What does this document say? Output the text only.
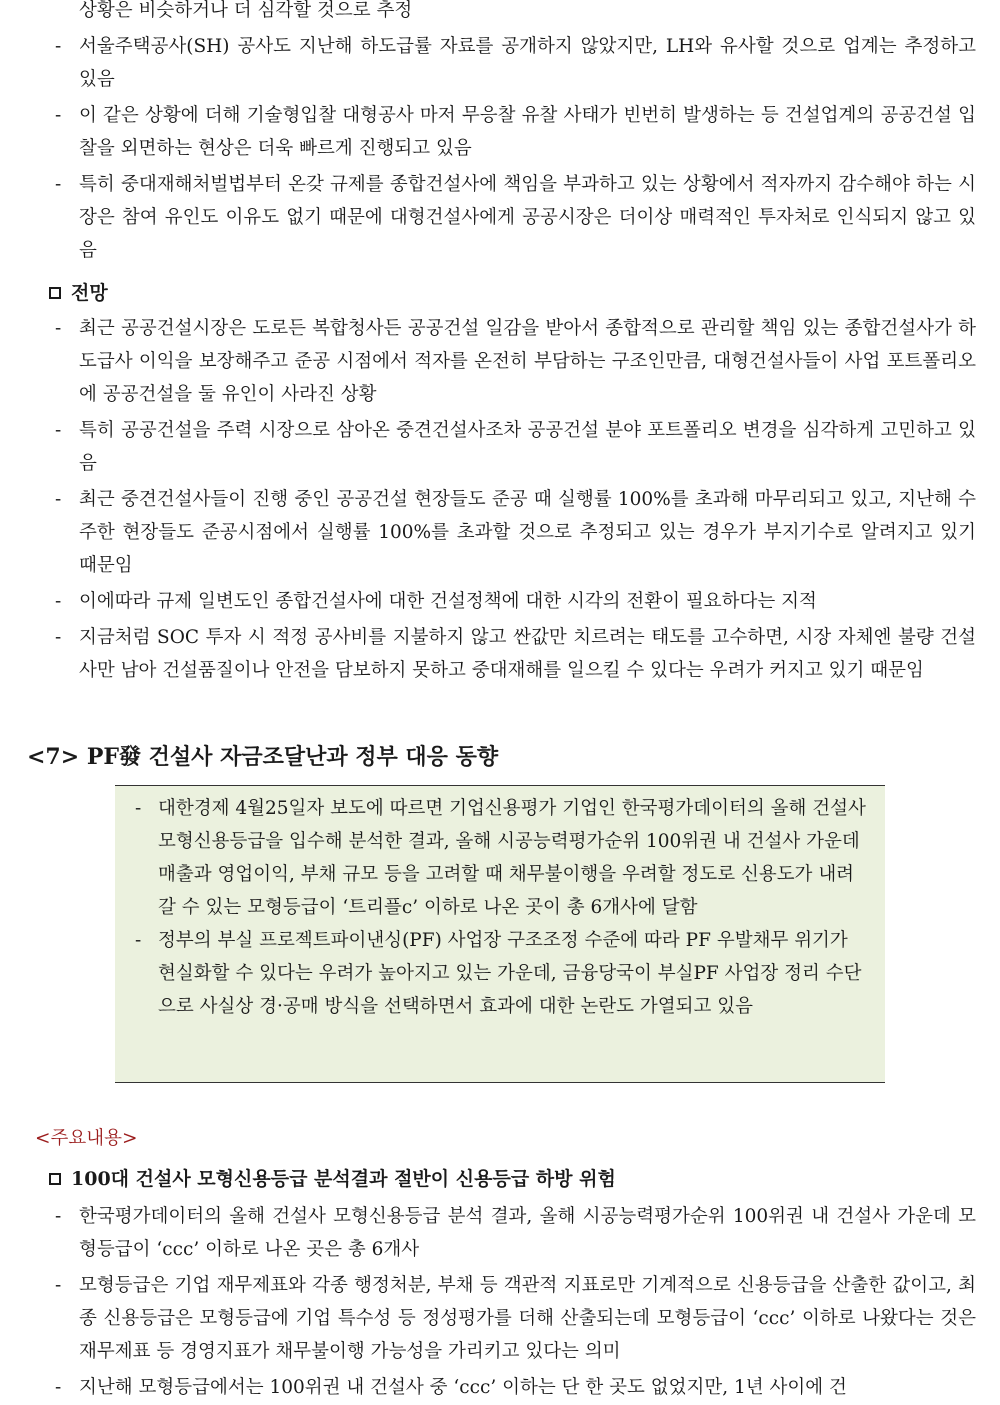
상황은 비슷하거나 더 심각할 것으로 추정
- 서울주택공사(SH) 공사도 지난해 하도급률 자료를 공개하지 않았지만, LH와 유사할 것으로 업계는 추정하고 있음
- 이 같은 상황에 더해 기술형입찰 대형공사 마저 무응찰 유찰 사태가 빈번히 발생하는 등 건설업계의 공공건설 입찰을 외면하는 현상은 더욱 빠르게 진행되고 있음
- 특히 중대재해처벌법부터 온갖 규제를 종합건설사에 책임을 부과하고 있는 상황에서 적자까지 감수해야 하는 시장은 참여 유인도 이유도 없기 때문에 대형건설사에게 공공시장은 더이상 매력적인 투자처로 인식되지 않고 있음
전망
- 최근 공공건설시장은 도로든 복합청사든 공공건설 일감을 받아서 종합적으로 관리할 책임 있는 종합건설사가 하도급사 이익을 보장해주고 준공 시점에서 적자를 온전히 부담하는 구조인만큼, 대형건설사들이 사업 포트폴리오에 공공건설을 둘 유인이 사라진 상황
- 특히 공공건설을 주력 시장으로 삼아온 중견건설사조차 공공건설 분야 포트폴리오 변경을 심각하게 고민하고 있음
- 최근 중견건설사들이 진행 중인 공공건설 현장들도 준공 때 실행률 100%를 초과해 마무리되고 있고, 지난해 수주한 현장들도 준공시점에서 실행률 100%를 초과할 것으로 추정되고 있는 경우가 부지기수로 알려지고 있기 때문임
- 이에따라 규제 일변도인 종합건설사에 대한 건설정책에 대한 시각의 전환이 필요하다는 지적
- 지금처럼 SOC 투자 시 적정 공사비를 지불하지 않고 싼값만 치르려는 태도를 고수하면, 시장 자체엔 불량 건설사만 남아 건설품질이나 안전을 담보하지 못하고 중대재해를 일으킬 수 있다는 우려가 커지고 있기 때문임
<7> PF發 건설사 자금조달난과 정부 대응 동향
- 대한경제 4월25일자 보도에 따르면 기업신용평가 기업인 한국평가데이터의 올해 건설사 모형신용등급을 입수해 분석한 결과, 올해 시공능력평가순위 100위권 내 건설사 가운데 매출과 영업이익, 부채 규모 등을 고려할 때 채무불이행을 우려할 정도로 신용도가 내려갈 수 있는 모형등급이 ‘트리플c’ 이하로 나온 곳이 총 6개사에 달함
- 정부의 부실 프로젝트파이낸싱(PF) 사업장 구조조정 수준에 따라 PF 우발채무 위기가 현실화할 수 있다는 우려가 높아지고 있는 가운데, 금융당국이 부실PF 사업장 정리 수단으로 사실상 경·공매 방식을 선택하면서 효과에 대한 논란도 가열되고 있음
<주요내용>
100대 건설사 모형신용등급 분석결과 절반이 신용등급 하방 위험
- 한국평가데이터의 올해 건설사 모형신용등급 분석 결과, 올해 시공능력평가순위 100위권 내 건설사 가운데 모형등급이 ‘ccc’ 이하로 나온 곳은 총 6개사
- 모형등급은 기업 재무제표와 각종 행정처분, 부채 등 객관적 지표로만 기계적으로 신용등급을 산출한 값이고, 최종 신용등급은 모형등급에 기업 특수성 등 정성평가를 더해 산출되는데 모형등급이 ‘ccc’ 이하로 나왔다는 것은 재무제표 등 경영지표가 채무불이행 가능성을 가리키고 있다는 의미
- 지난해 모형등급에서는 100위권 내 건설사 중 ‘ccc’ 이하는 단 한 곳도 없었지만, 1년 사이에 건
